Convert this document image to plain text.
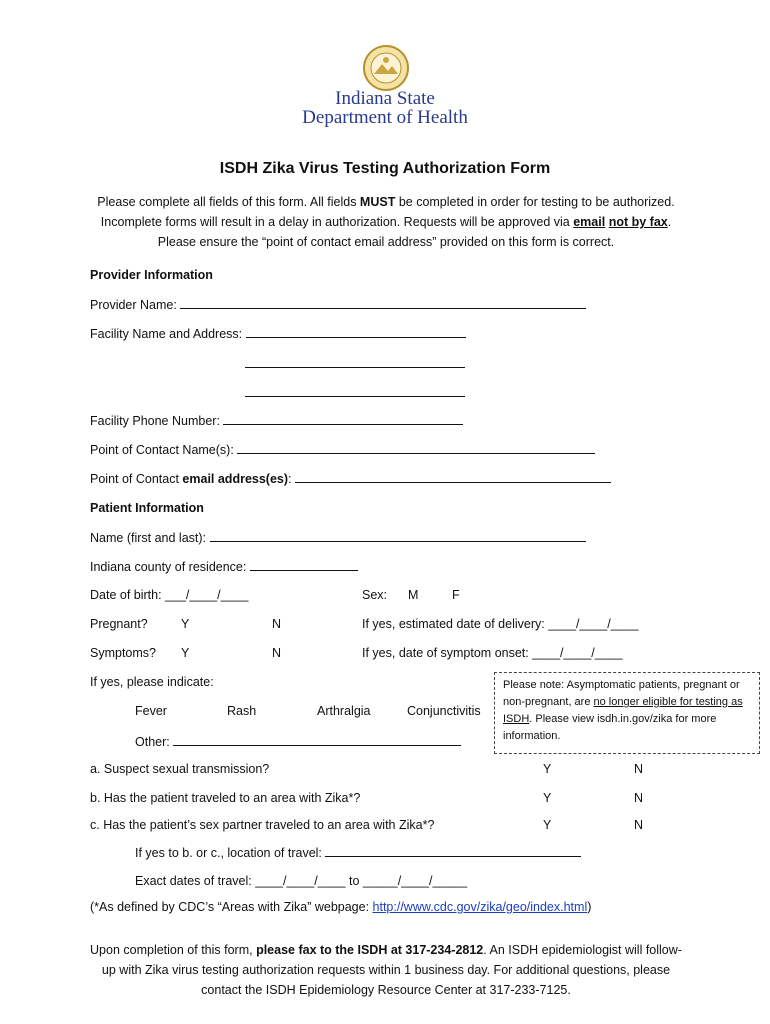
Indiana State
Department of Health
ISDH Zika Virus Testing Authorization Form
Please complete all fields of this form. All fields MUST be completed in order for testing to be authorized. Incomplete forms will result in a delay in authorization. Requests will be approved via email not by fax. Please ensure the “point of contact email address” provided on this form is correct.
Provider Information
Provider Name:
Facility Name and Address:
Facility Phone Number:
Point of Contact Name(s):
Point of Contact email address(es):
Patient Information
Name (first and last):
Indiana county of residence:
Date of birth: ___/____/____	Sex: M	F
Pregnant?	Y	N	If yes, estimated date of delivery: ____/____/____
Symptoms? Y	N	If yes, date of symptom onset: ____/____/____
If yes, please indicate:
Fever	Rash	Arthralgia	Conjunctivitis
Other:
Please note: Asymptomatic patients, pregnant or non-pregnant, are no longer eligible for testing as ISDH. Please view isdh.in.gov/zika for more information.
a. Suspect sexual transmission?	Y	N
b. Has the patient traveled to an area with Zika*?	Y	N
c. Has the patient’s sex partner traveled to an area with Zika*?	Y	N
If yes to b. or c., location of travel:
Exact dates of travel: ____/____/____ to _____/____/_____
(*As defined by CDC’s “Areas with Zika” webpage: http://www.cdc.gov/zika/geo/index.html)
Upon completion of this form, please fax to the ISDH at 317-234-2812. An ISDH epidemiologist will follow-up with Zika virus testing authorization requests within 1 business day. For additional questions, please contact the ISDH Epidemiology Resource Center at 317-233-7125.
